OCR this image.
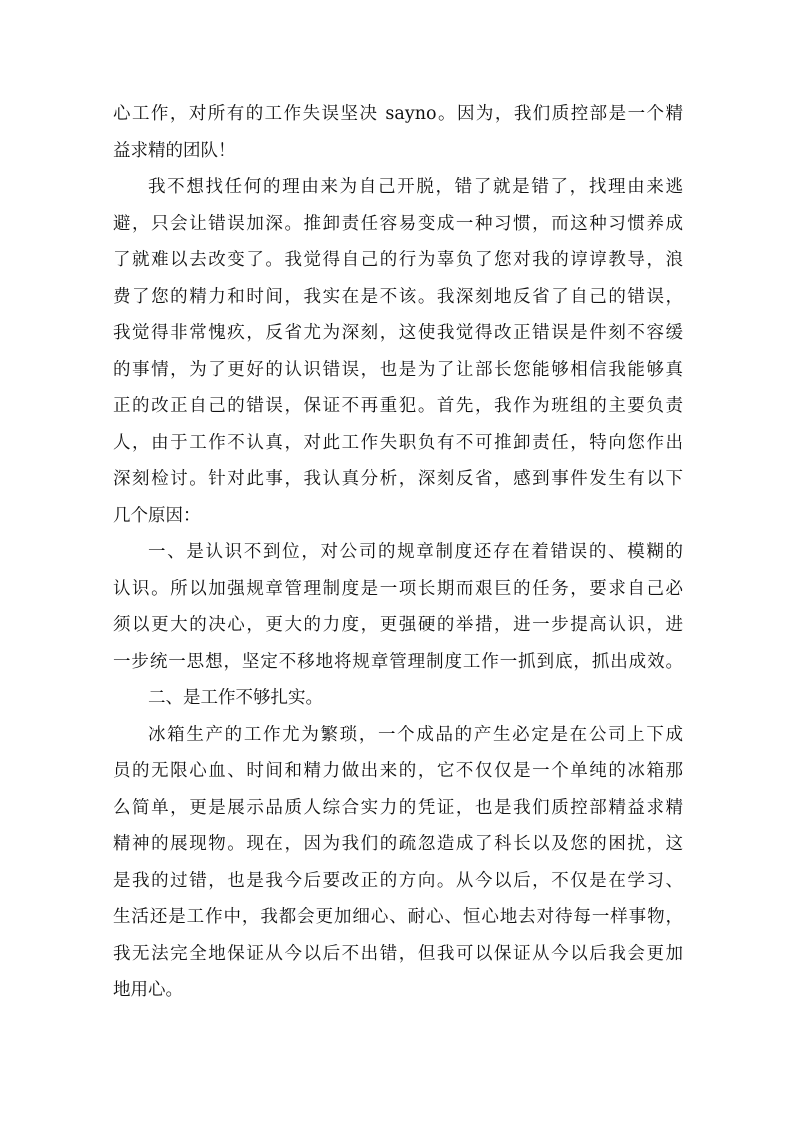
心工作，对所有的工作失误坚决 sayno。因为，我们质控部是一个精
益求精的团队！
我不想找任何的理由来为自己开脱，错了就是错了，找理由来逃
避，只会让错误加深。推卸责任容易变成一种习惯，而这种习惯养成
了就难以去改变了。我觉得自己的行为辜负了您对我的谆谆教导，浪
费了您的精力和时间，我实在是不该。我深刻地反省了自己的错误，
我觉得非常愧疚，反省尤为深刻，这使我觉得改正错误是件刻不容缓
的事情，为了更好的认识错误，也是为了让部长您能够相信我能够真
正的改正自己的错误，保证不再重犯。首先，我作为班组的主要负责
人，由于工作不认真，对此工作失职负有不可推卸责任，特向您作出
深刻检讨。针对此事，我认真分析，深刻反省，感到事件发生有以下
几个原因：
一、是认识不到位，对公司的规章制度还存在着错误的、模糊的
认识。所以加强规章管理制度是一项长期而艰巨的任务，要求自己必
须以更大的决心，更大的力度，更强硬的举措，进一步提高认识，进
一步统一思想，坚定不移地将规章管理制度工作一抓到底，抓出成效。
二、是工作不够扎实。
冰箱生产的工作尤为繁琐，一个成品的产生必定是在公司上下成
员的无限心血、时间和精力做出来的，它不仅仅是一个单纯的冰箱那
么简单，更是展示品质人综合实力的凭证，也是我们质控部精益求精
精神的展现物。现在，因为我们的疏忽造成了科长以及您的困扰，这
是我的过错，也是我今后要改正的方向。从今以后，不仅是在学习、
生活还是工作中，我都会更加细心、耐心、恒心地去对待每一样事物，
我无法完全地保证从今以后不出错，但我可以保证从今以后我会更加
地用心。
